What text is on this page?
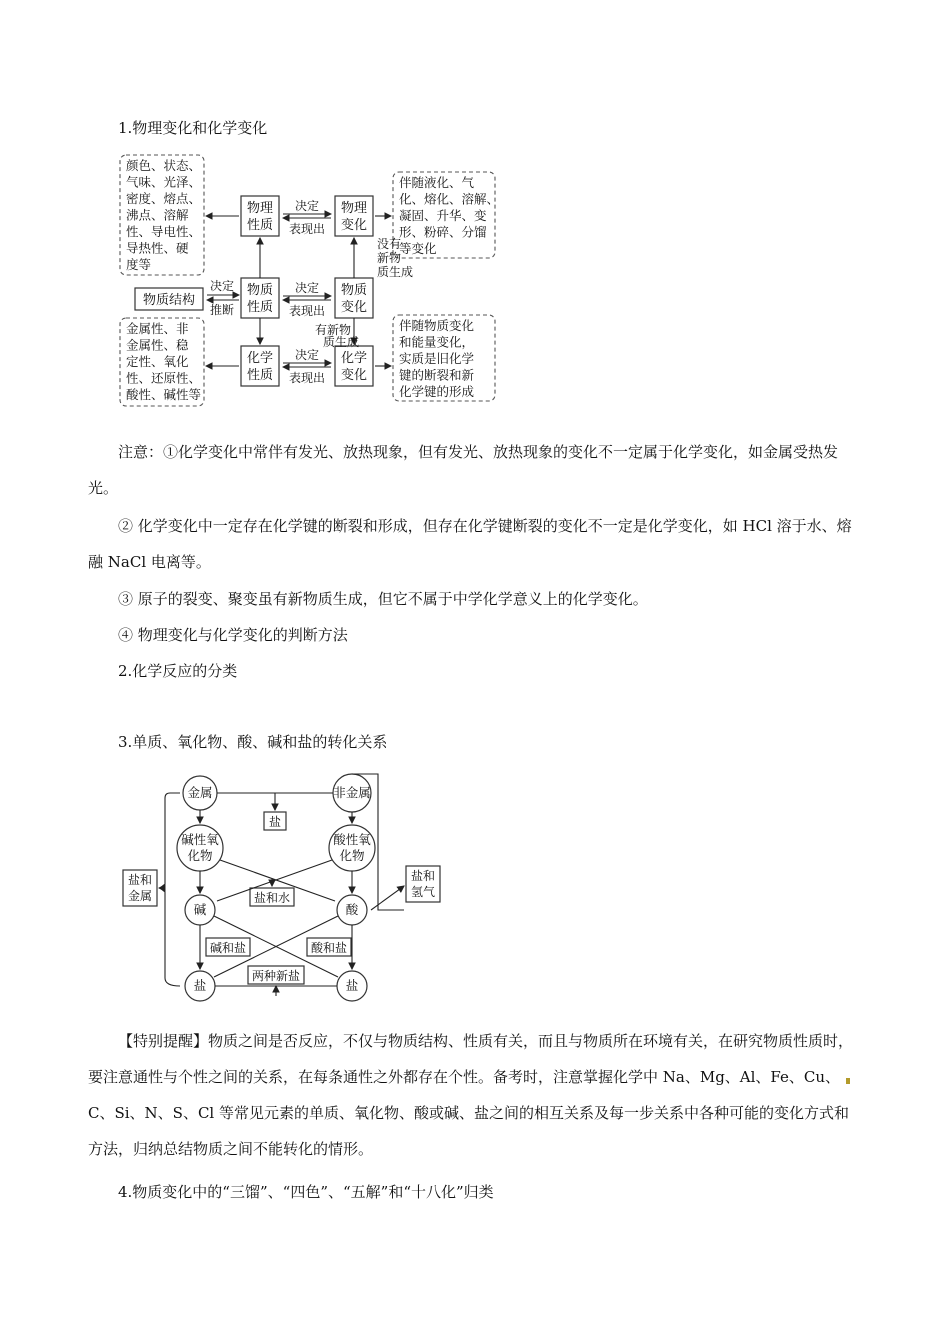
1.物理变化和化学变化
颜色、状态、
气味、光泽、
密度、熔点、
沸点、溶解
性、导电性、
导热性、硬
度等
金属性、非
金属性、稳
定性、氧化
性、还原性、
酸性、碱性等
伴随液化、气
化、熔化、溶解、
凝固、升华、变
形、粉碎、分馏
等变化
伴随物质变化
和能量变化，
实质是旧化学
键的断裂和新
化学键的形成
物理
性质
物理
变化
物质
性质
物质
变化
化学
性质
化学
变化
物质结构
决定
推断
决定
表现出
决定
表现出
决定
表现出
没有
新物
质生成
有新物
质生成
注意：①化学变化中常伴有发光、放热现象，但有发光、放热现象的变化不一定属于化学变化，如金属受热发光。
② 化学变化中一定存在化学键的断裂和形成，但存在化学键断裂的变化不一定是化学变化，如 HCl 溶于水、熔融 NaCl 电离等。
③ 原子的裂变、聚变虽有新物质生成，但它不属于中学化学意义上的化学变化。
④ 物理变化与化学变化的判断方法
2.化学反应的分类
3.单质、氧化物、酸、碱和盐的转化关系
金属	非金属
碱性氧
化物
酸性氧
化物
碱	酸
盐	盐
盐
盐和水
碱和盐	酸和盐
两种新盐
盐和
金属
盐和
氢气
【特别提醒】物质之间是否反应，不仅与物质结构、性质有关，而且与物质所在环境有关，在研究物质性质时，要注意通性与个性之间的关系，在每条通性之外都存在个性。备考时，注意掌握化学中 Na、Mg、Al、Fe、Cu、C、Si、N、S、Cl 等常见元素的单质、氧化物、酸或碱、盐之间的相互关系及每一步关系中各种可能的变化方式和方法，归纳总结物质之间不能转化的情形。
4.物质变化中的“三馏”、“四色”、“五解”和“十八化”归类
